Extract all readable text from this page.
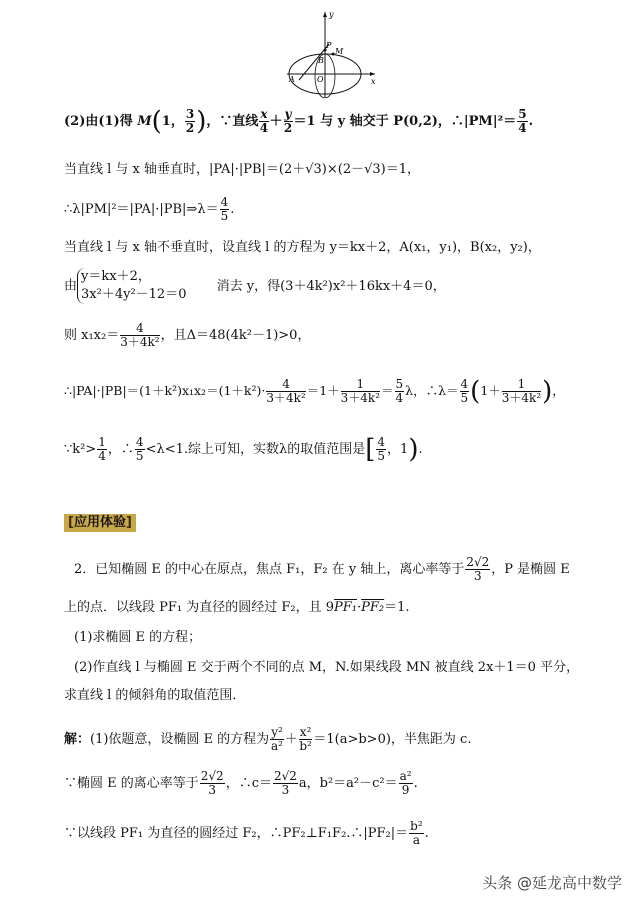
y
P
M
B
A	O	x
(2)由(1)得 M(1， $\frac{3}{2}$ )，∵直线 $\frac{x}{4} + \frac{y}{2} =1$ 与 y 轴交于 P(0,2)，∴|PM|²＝ $\frac{5}{4}$ .
当直线 l 与 x 轴垂直时，|PA|·|PB|＝(2＋√3)×(2－√3)＝1，
∴λ|PM|²＝|PA|·|PB|⇒λ＝ $\frac{4}{5}$ .
当直线 l 与 x 轴不垂直时，设直线 l 的方程为 y＝kx＋2，A(x₁，y₁)，B(x₂，y₂)，
由
y＝kx＋2，
3x²＋4y²－12＝0
消去 y，得(3＋4k²)x²＋16kx＋4＝0，
则 $x_1x_2= \frac{4}{\text{3＋4k²}}$ ，且Δ＝48(4k²－1)>0，
∴|PA|·|PB|＝(1＋k²)x₁x₂＝(1＋k²)· $\frac{4}{\text{3＋4k²}} =1+ \frac{1}{\text{3＋4k²}} = \frac{5}{4}$ λ，∴λ＝ $\frac{4}{5} (1+ \frac{1}{\text{3＋4k²}}$ )，
∵k²> $\frac{1}{4}$ ，∴ $\frac{4}{5} <\lambda<1$.综上可知，实数λ的取值范围是[ $\frac{4}{5}$ ，1).
[应用体验]
2．已知椭圆 E 的中心在原点，焦点 F₁，F₂ 在 y 轴上，离心率等于 $\frac{2√2}{3}$ ，P 是椭圆 E
上的点．以线段 PF₁ 为直径的圆经过 F₂，且 9PF₁·PF₂＝1.
(1)求椭圆 E 的方程；
(2)作直线 l 与椭圆 E 交于两个不同的点 M，N.如果线段 MN 被直线 2x＋1＝0 平分，
求直线 l 的倾斜角的取值范围．
解：(1)依题意，设椭圆 E 的方程为 $\frac{\text{y²}}{\text{a²}} + \frac{\text{x²}}{\text{b²}} =1(a>b>0)$，半焦距为 c.
∵椭圆 E 的离心率等于 $\frac{2√2}{3}$ ，∴c＝ $\frac{2√2}{3}$ a，$b^2=a^2-c^2= \frac{\text{a²}}{9}$ .
∵以线段 PF₁ 为直径的圆经过 F₂，∴PF₂⊥F₁F₂.∴|PF₂|＝ $\frac{\text{b²}}{a}$ .
头条 @延龙高中数学
